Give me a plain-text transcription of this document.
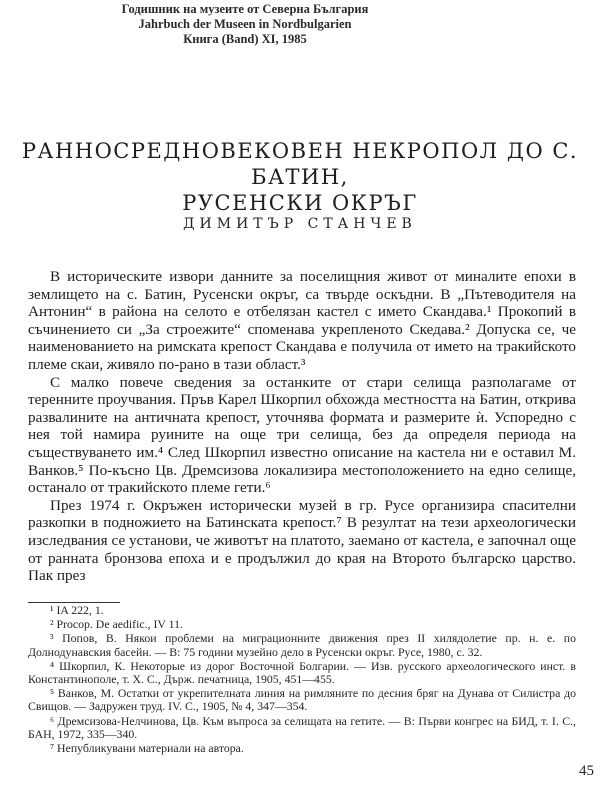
Годишник на музеите от Северна България
Jahrbuch der Museen in Nordbulgarien
Книга (Band) XI, 1985
РАННОСРЕДНОВЕКОВЕН НЕКРОПОЛ ДО С. БАТИН,
РУСЕНСКИ ОКРЪГ
ДИМИТЪР СТАНЧЕВ

В историческите извори данните за поселищния живот от миналите епохи в землището на с. Батин, Русенски окръг, са твърде оскъдни. В „Пътеводителя на Антонин“ в района на селото е отбелязан кастел с името Скандава.¹ Прокопий в съчинението си „За строежите“ споменава укрепленото Скедава.² Допуска се, че наименованието на римската крепост Скандава е получила от името на тракийското племе скаи, живяло по-рано в тази област.³

С малко повече сведения за останките от стари селища разполагаме от теренните проучвания. Пръв Карел Шкорпил обхожда местността на Батин, открива развалините на античната крепост, уточнява формата и размерите ѝ. Успоредно с нея той намира руините на още три селища, без да определя периода на съществуването им.⁴ След Шкорпил известно описание на кастела ни е оставил М. Ванков.⁵ По-късно Цв. Дремсизова локализира местоположението на едно селище, останало от тракийското племе гети.⁶

През 1974 г. Окръжен исторически музей в гр. Русе организира спасителни разкопки в подножието на Батинската крепост.⁷ В резултат на тези археологически изследвания се установи, че животът на платото, заемано от кастела, е започнал още от ранната бронзова епоха и е продължил до края на Второто българско царство. Пак през

¹ IA 222, 1.

² Procop. De aedific., IV 11.

³ Попов, В. Някои проблеми на миграционните движения през II хилядолетие пр. н. е. по Долнодунавския басейн. — В: 75 години музейно дело в Русенски окръг. Русе, 1980, с. 32.

⁴ Шкорпил, К. Некоторые из дорог Восточной Болгарии. — Изв. русского археологического инст. в Константинополе, т. Х. С., Държ. печатница, 1905, 451—455.

⁵ Ванков, М. Остатки от укрепителната линия на римляните по десния бряг на Дунава от Силистра до Свищов. — Задружен труд. IV. С., 1905, № 4, 347—354.

⁶ Дремсизова-Нелчинова, Цв. Към въпроса за селищата на гетите. — В: Първи конгрес на БИД, т. I. С., БАН, 1972, 335—340.

⁷ Непубликувани материали на автора.

45
